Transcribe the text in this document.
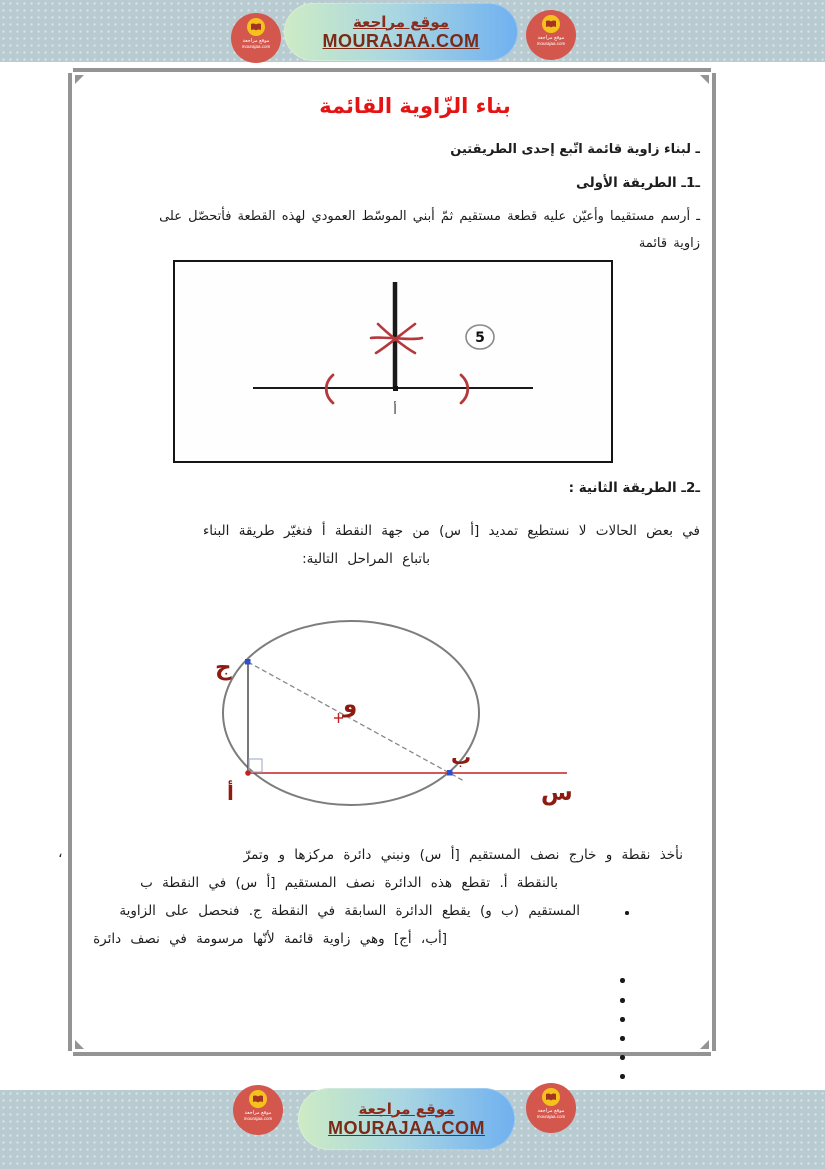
موقع مراجعة
MOURAJAA.COM
موقع مراجعة
mourajaa.com
موقع مراجعة
mourajaa.com
بناء الزّاوية القائمة
ـ لبناء زاوية قائمة اتّبع إحدى الطريقتين
ـ1ـ الطريقة الأولى
ـ أرسم مستقيما وأعيّن عليه قطعة مستقيم ثمّ أبني الموسّط العمودي لهذه القطعة فأتحصّل على زاوية قائمة
5
أ
ـ2ـ الطريقة الثانية :
في بعض الحالات لا نستطيع تمديد [أ س) من جهة النقطة أ فنغيّر طريقة البناء
باتباع المراحل التالية:
ج
و
ب
أ	س
،	نأخذ نقطة و خارج نصف المستقيم [أ س) ونبني دائرة مركزها و وتمرّ
بالنقطة أ. تقطع هذه الدائرة نصف المستقيم [أ س) في النقطة ب
المستقيم (ب و) يقطع الدائرة السابقة في النقطة ج. فنحصل على الزاوية
[أب، أج] وهي زاوية قائمة لأنّها مرسومة في نصف دائرة
موقع مراجعة
MOURAJAA.COM
موقع مراجعة
mourajaa.com
موقع مراجعة
mourajaa.com
